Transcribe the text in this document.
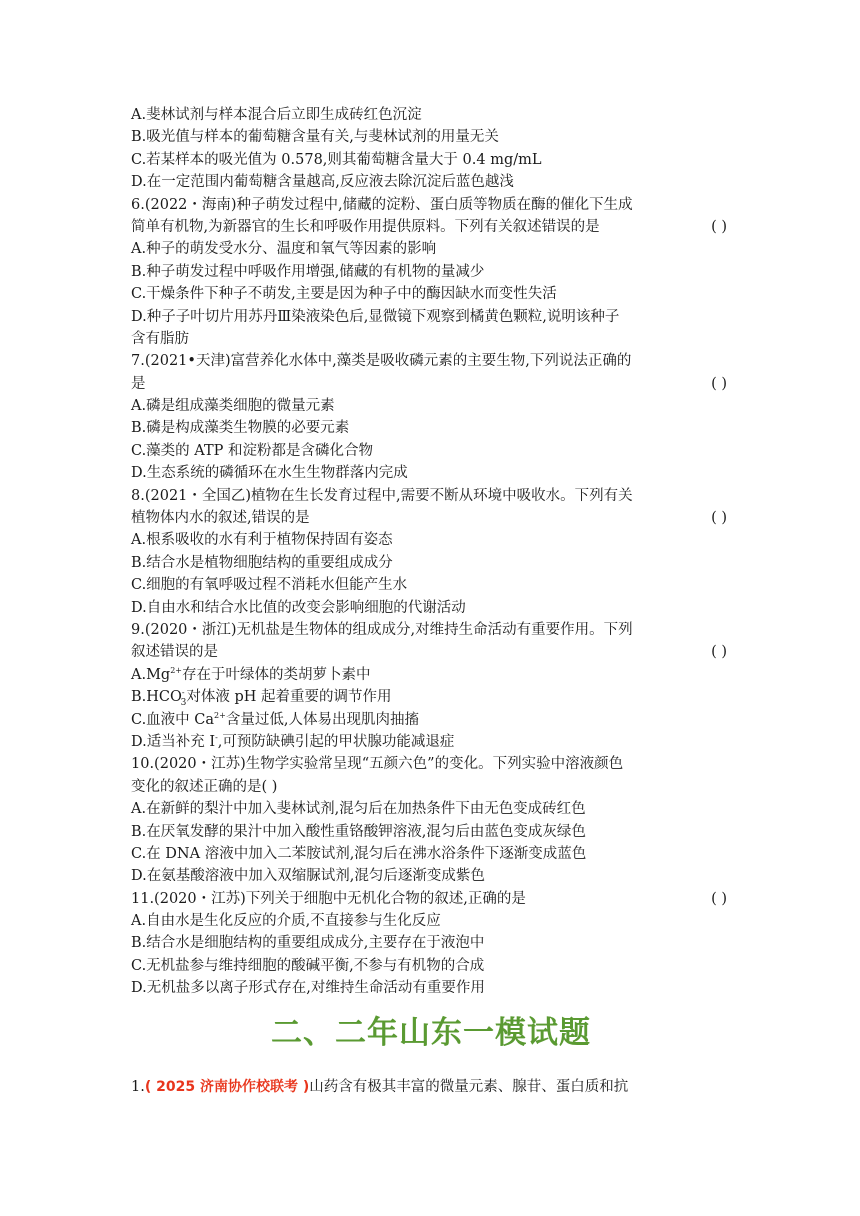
A.斐林试剂与样本混合后立即生成砖红色沉淀
B.吸光值与样本的葡萄糖含量有关,与斐林试剂的用量无关
C.若某样本的吸光值为 0.578,则其葡萄糖含量大于 0.4 mg/mL
D.在一定范围内葡萄糖含量越高,反应液去除沉淀后蓝色越浅
6.(2022・海南)种子萌发过程中,储藏的淀粉、蛋白质等物质在酶的催化下生成
简单有机物,为新器官的生长和呼吸作用提供原料。下列有关叙述错误的是	( )
A.种子的萌发受水分、温度和氧气等因素的影响
B.种子萌发过程中呼吸作用增强,储藏的有机物的量减少
C.干燥条件下种子不萌发,主要是因为种子中的酶因缺水而变性失活
D.种子子叶切片用苏丹Ⅲ染液染色后,显微镜下观察到橘黄色颗粒,说明该种子
含有脂肪
7.(2021•天津)富营养化水体中,藻类是吸收磷元素的主要生物,下列说法正确的
是	( )
A.磷是组成藻类细胞的微量元素
B.磷是构成藻类生物膜的必要元素
C.藻类的 ATP 和淀粉都是含磷化合物
D.生态系统的磷循环在水生生物群落内完成
8.(2021・全国乙)植物在生长发育过程中,需要不断从环境中吸收水。下列有关
植物体内水的叙述,错误的是	( )
A.根系吸收的水有利于植物保持固有姿态
B.结合水是植物细胞结构的重要组成成分
C.细胞的有氧呼吸过程不消耗水但能产生水
D.自由水和结合水比值的改变会影响细胞的代谢活动
9.(2020・浙江)无机盐是生物体的组成成分,对维持生命活动有重要作用。下列
叙述错误的是	( )
$A.Mg^{2+}$存在于叶绿体的类胡萝卜素中
$B.HCO^-_3$对体液 pH 起着重要的调节作用
C.血液中 $Ca^{2+}$含量过低,人体易出现肌肉抽搐
D.适当补充 I-,可预防缺碘引起的甲状腺功能减退症
10.(2020・江苏)生物学实验常呈现“五颜六色”的变化。下列实验中溶液颜色
变化的叙述正确的是( )
A.在新鲜的梨汁中加入斐林试剂,混匀后在加热条件下由无色变成砖红色
B.在厌氧发酵的果汁中加入酸性重铬酸钾溶液,混匀后由蓝色变成灰绿色
C.在 DNA 溶液中加入二苯胺试剂,混匀后在沸水浴条件下逐渐变成蓝色
D.在氨基酸溶液中加入双缩脲试剂,混匀后逐渐变成紫色
11.(2020・江苏)下列关于细胞中无机化合物的叙述,正确的是	( )
A.自由水是生化反应的介质,不直接参与生化反应
B.结合水是细胞结构的重要组成成分,主要存在于液泡中
C.无机盐参与维持细胞的酸碱平衡,不参与有机物的合成
D.无机盐多以离子形式存在,对维持生命活动有重要作用
二、二年山东一模试题
1.( 2025 济南协作校联考 )山药含有极其丰富的微量元素、腺苷、蛋白质和抗
